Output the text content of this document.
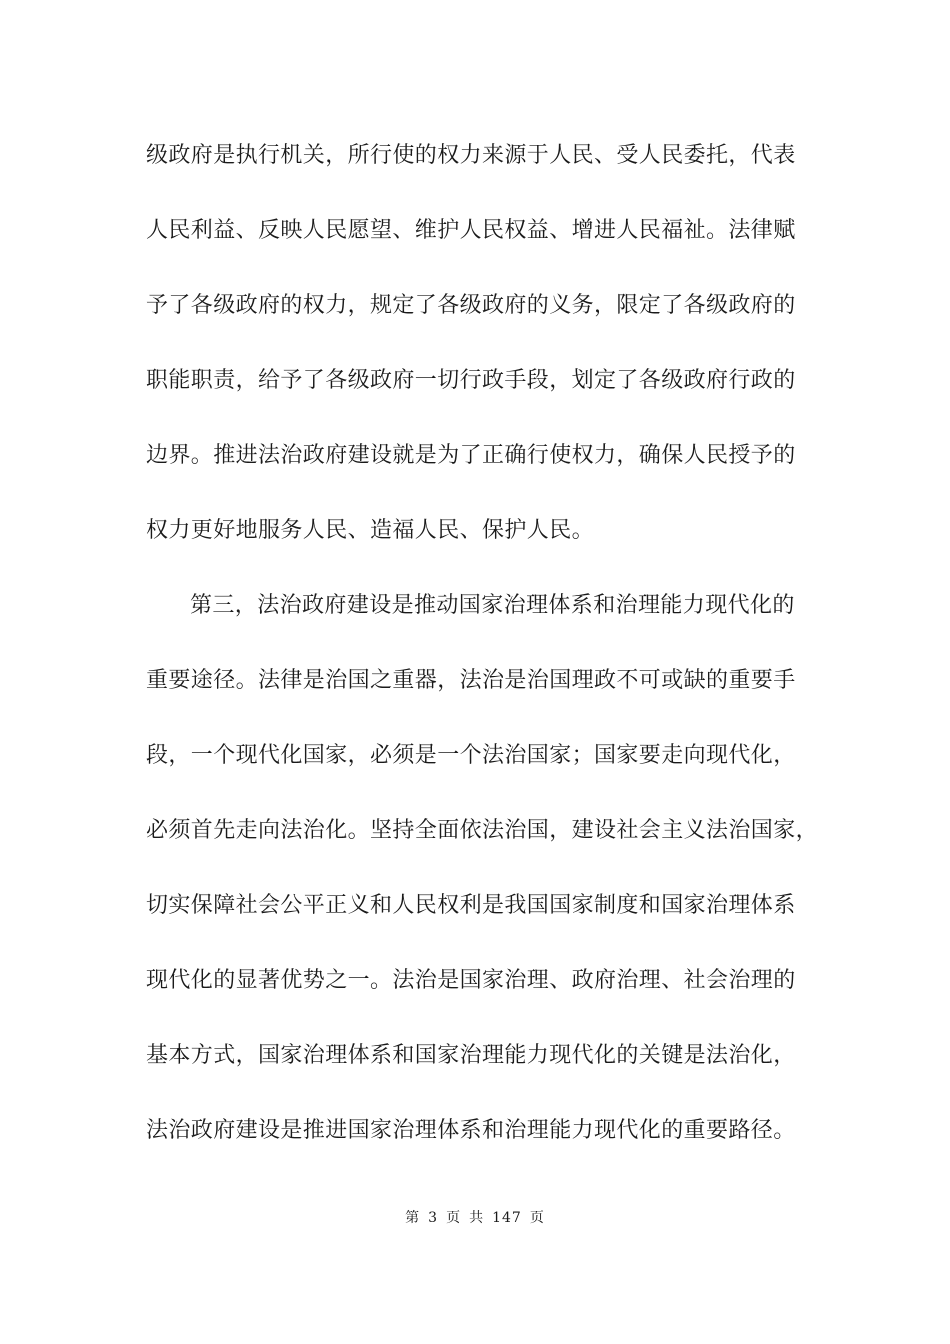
级政府是执行机关，所行使的权力来源于人民、受人民委托，代表
人民利益、反映人民愿望、维护人民权益、增进人民福祉。法律赋
予了各级政府的权力，规定了各级政府的义务，限定了各级政府的
职能职责，给予了各级政府一切行政手段，划定了各级政府行政的
边界。推进法治政府建设就是为了正确行使权力，确保人民授予的
权力更好地服务人民、造福人民、保护人民。
第三，法治政府建设是推动国家治理体系和治理能力现代化的
重要途径。法律是治国之重器，法治是治国理政不可或缺的重要手
段，一个现代化国家，必须是一个法治国家；国家要走向现代化，
必须首先走向法治化。坚持全面依法治国，建设社会主义法治国家，
切实保障社会公平正义和人民权利是我国国家制度和国家治理体系
现代化的显著优势之一。法治是国家治理、政府治理、社会治理的
基本方式，国家治理体系和国家治理能力现代化的关键是法治化，
法治政府建设是推进国家治理体系和治理能力现代化的重要路径。
第 3 页 共 147 页
